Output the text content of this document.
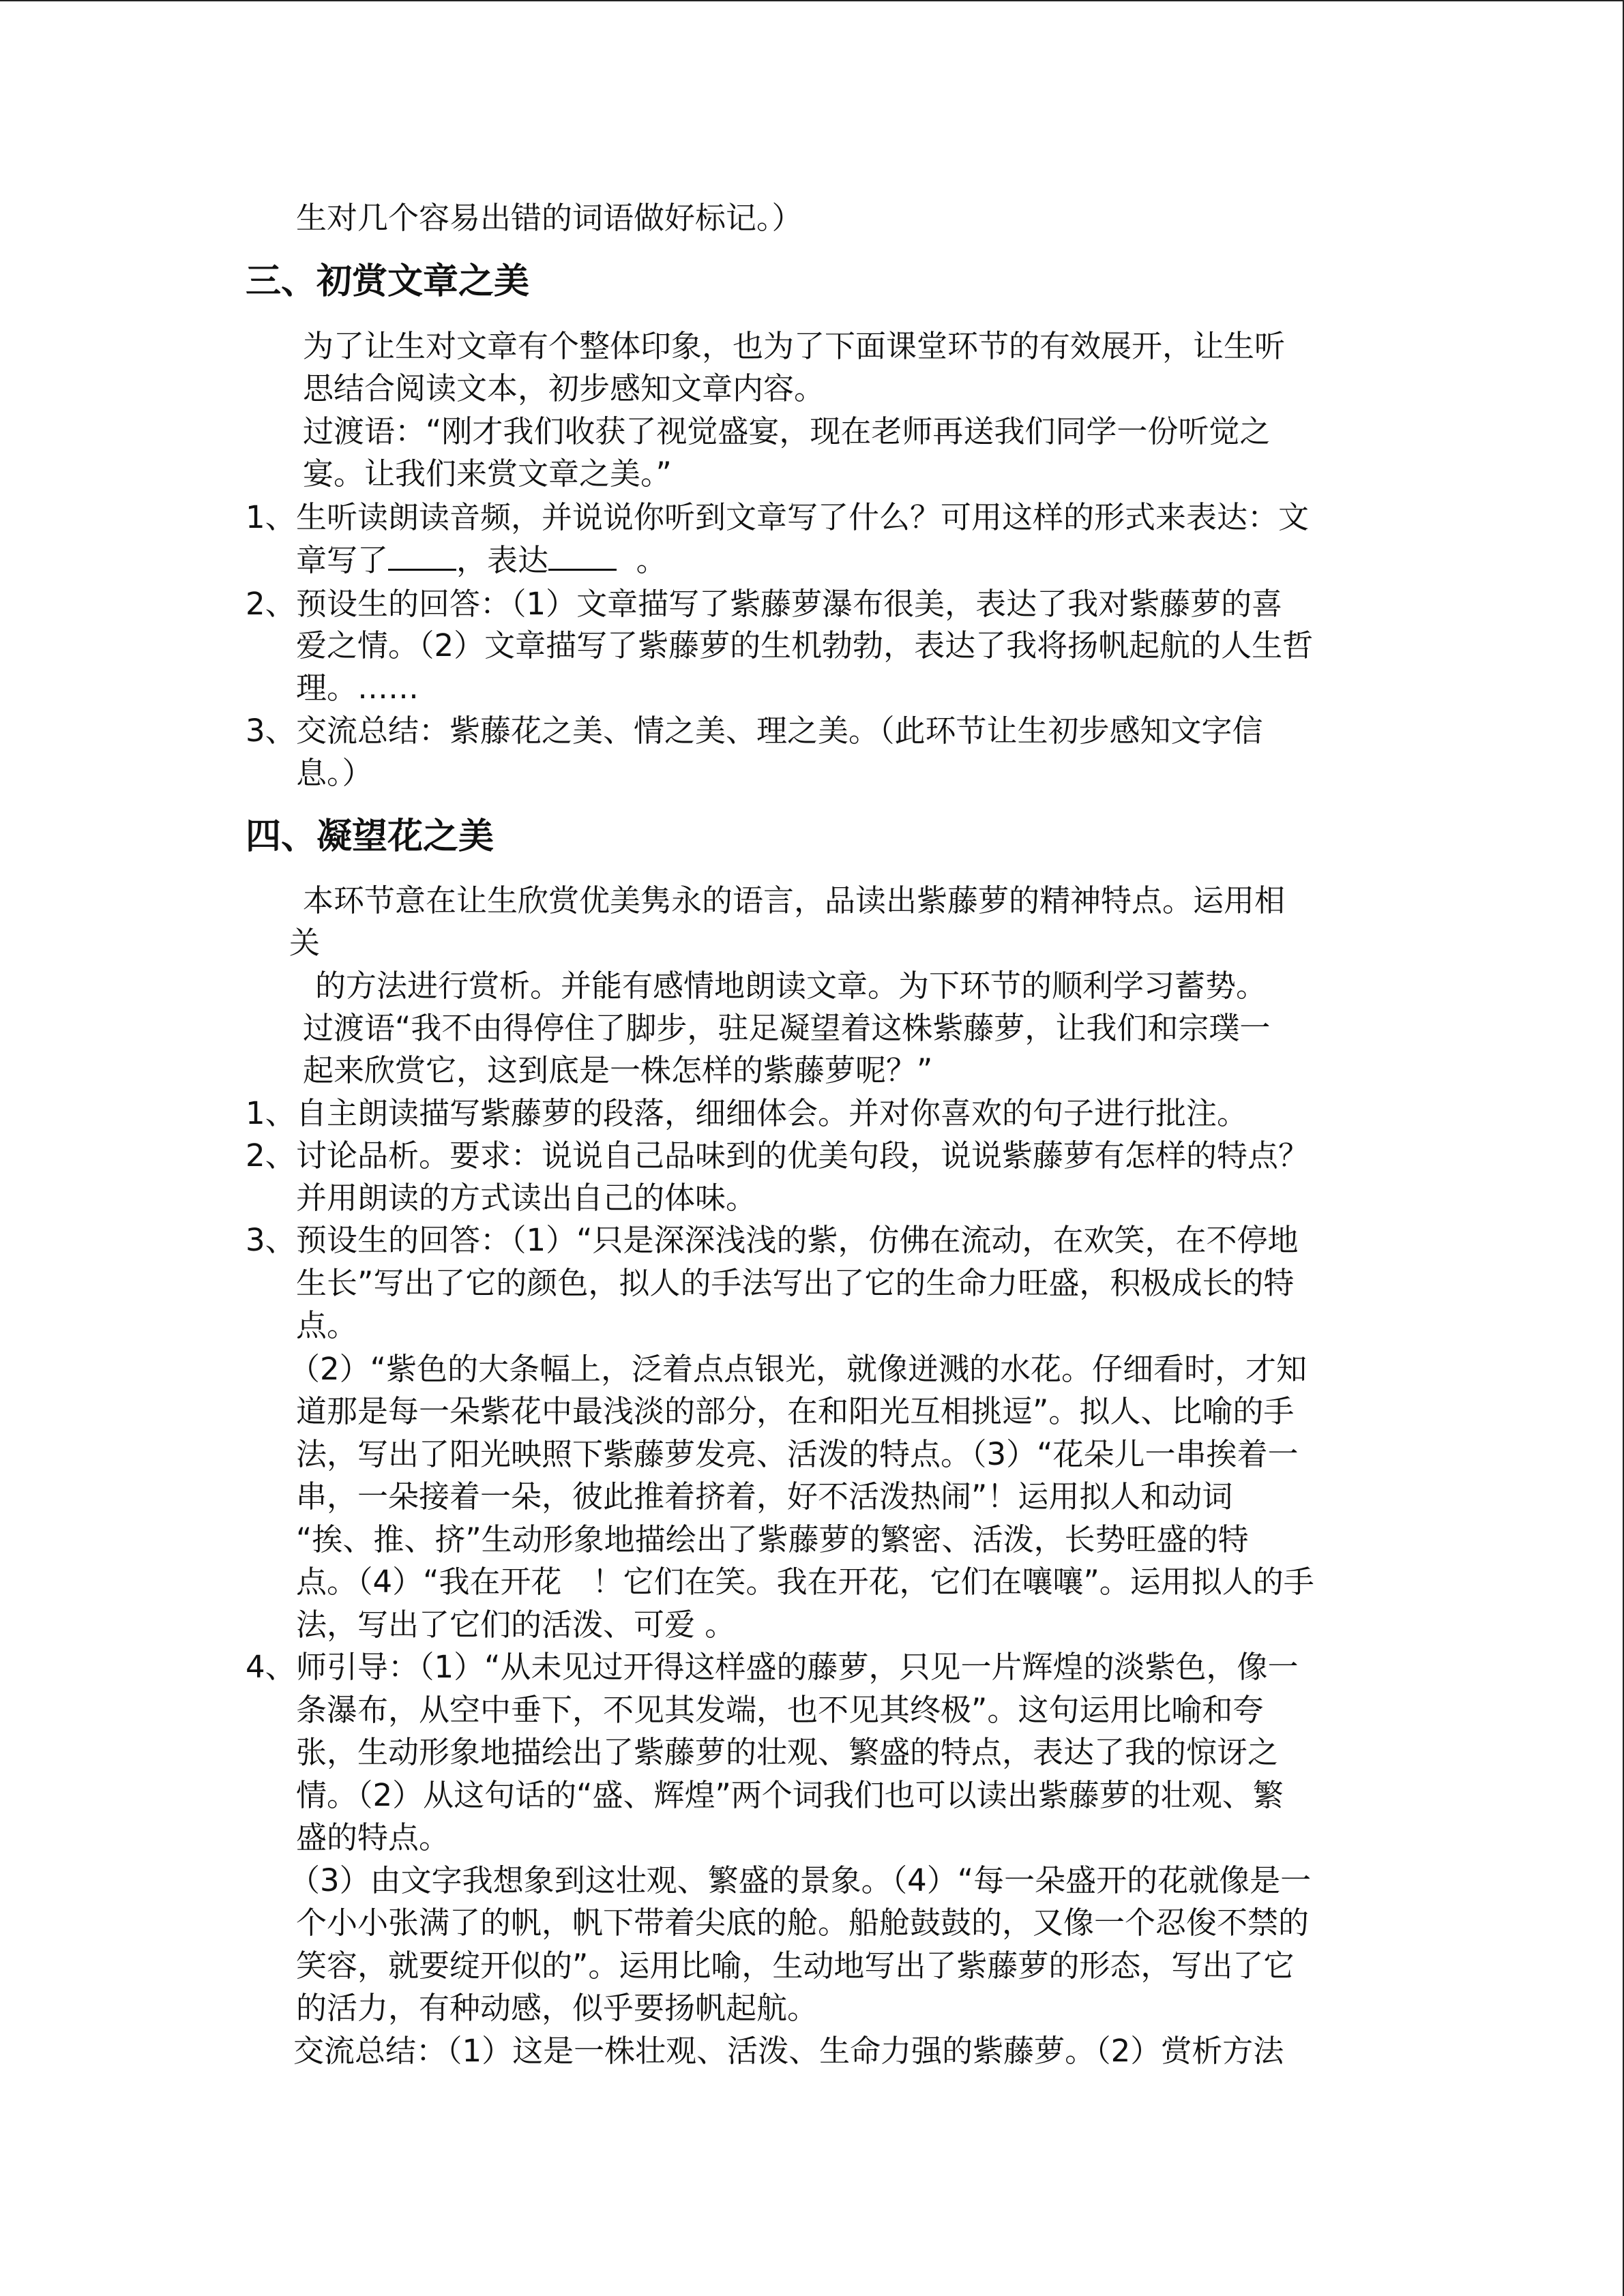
生对几个容易出错的词语做好标记。）
三、初赏文章之美
为了让生对文章有个整体印象，也为了下面课堂环节的有效展开，让生听
思结合阅读文本，初步感知文章内容。
过渡语：“刚才我们收获了视觉盛宴，现在老师再送我们同学一份听觉之
宴。让我们来赏文章之美。”
1、 生听读朗读音频，并说说你听到文章写了什么？可用这样的形式来表达：文
章写了 ，表达	。
2、 预设生的回答：（1）文章描写了紫藤萝瀑布很美，表达了我对紫藤萝的喜
爱之情。（2）文章描写了紫藤萝的生机勃勃，表达了我将扬帆起航的人生哲
理。……
3、 交流总结：紫藤花之美、情之美、理之美。（此环节让生初步感知文字信
息。）
四、凝望花之美
本环节意在让生欣赏优美隽永的语言，品读出紫藤萝的精神特点。运用相
关
的方法进行赏析。并能有感情地朗读文章。为下环节的顺利学习蓄势。
过渡语“我不由得停住了脚步，驻足凝望着这株紫藤萝，让我们和宗璞一
起来欣赏它，这到底是一株怎样的紫藤萝呢？”
1、 自主朗读描写紫藤萝的段落，细细体会。并对你喜欢的句子进行批注。
2、 讨论品析。要求：说说自己品味到的优美句段，说说紫藤萝有怎样的特点？
并用朗读的方式读出自己的体味。
3、 预设生的回答：（1）“只是深深浅浅的紫，仿佛在流动，在欢笑，在不停地
生长”写出了它的颜色，拟人的手法写出了它的生命力旺盛，积极成长的特
点。
（2）“紫色的大条幅上，泛着点点银光，就像迸溅的水花。仔细看时，才知
道那是每一朵紫花中最浅淡的部分，在和阳光互相挑逗”。拟人、比喻的手
法，写出了阳光映照下紫藤萝发亮、活泼的特点。（3）“花朵儿一串挨着一
串，一朵接着一朵，彼此推着挤着，好不活泼热闹”！运用拟人和动词
“挨、推、挤”生动形象地描绘出了紫藤萝的繁密、活泼，长势旺盛的特
点。（4）“我在开花　！它们在笑。我在开花，它们在嚷嚷”。运用拟人的手
法，写出了它们的活泼、可爱 。
4、 师引导：（1）“从未见过开得这样盛的藤萝，只见一片辉煌的淡紫色，像一
条瀑布，从空中垂下，不见其发端，也不见其终极”。这句运用比喻和夸
张，生动形象地描绘出了紫藤萝的壮观、繁盛的特点，表达了我的惊讶之
情。（2）从这句话的“盛、辉煌”两个词我们也可以读出紫藤萝的壮观、繁
盛的特点。
（3）由文字我想象到这壮观、繁盛的景象。（4）“每一朵盛开的花就像是一
个小小张满了的帆，帆下带着尖底的舱。船舱鼓鼓的，又像一个忍俊不禁的
笑容，就要绽开似的”。运用比喻，生动地写出了紫藤萝的形态，写出了它
的活力，有种动感，似乎要扬帆起航。
交流总结：（1）这是一株壮观、活泼、生命力强的紫藤萝。（2）赏析方法
